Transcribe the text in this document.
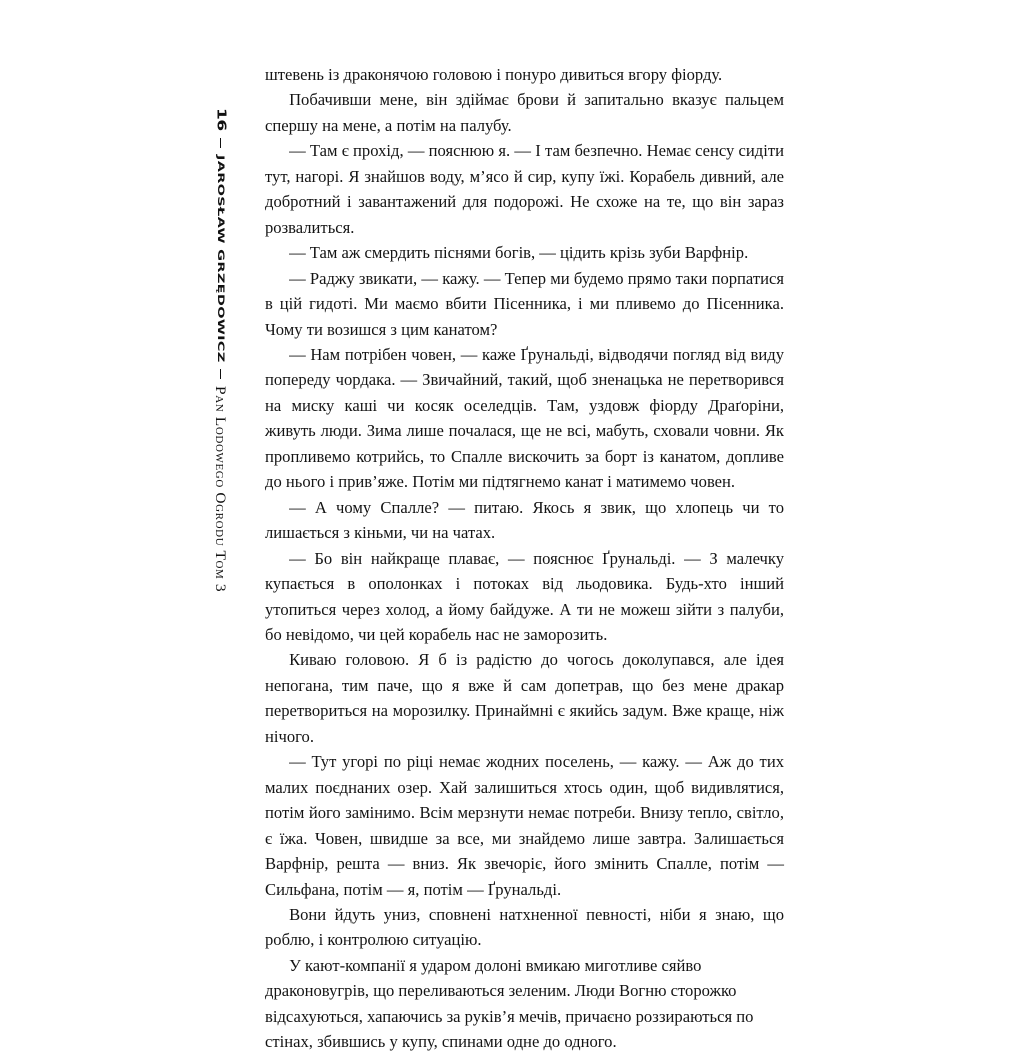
16
JAROSŁAW GRZĘDOWICZ
Pan Lodowego Ogrodu Tom 3

штевень із драконячою головою і понуро дивиться вгору фіорду.

Побачивши мене, він здіймає брови й запитально вказує пальцем спершу на мене, а потім на палубу.

— Там є прохід, — пояснюю я. — І там безпечно. Немає сенсу сидіти тут, нагорі. Я знайшов воду, м’ясо й сир, купу їжі. Корабель дивний, але добротний і завантажений для подорожі. Не схоже на те, що він зараз розвалиться.

— Там аж смердить піснями богів, — цідить крізь зуби Варфнір.

— Раджу звикати, — кажу. — Тепер ми будемо прямо таки порпатися в цій гидоті. Ми маємо вбити Пісенника, і ми пливемо до Пісенника. Чому ти возишся з цим канатом?

— Нам потрібен човен, — каже Ґрунальді, відводячи погляд від виду попереду чордака. — Звичайний, такий, щоб зненацька не перетворився на миску каші чи косяк оселедців. Там, уздовж фіорду Драґоріни, живуть люди. Зима лише почалася, ще не всі, мабуть, сховали човни. Як пропливемо котрийсь, то Спалле вискочить за борт із канатом, допливе до нього і прив’яже. Потім ми підтягнемо канат і матимемо човен.

— А чому Спалле? — питаю. Якось я звик, що хлопець чи то лишається з кіньми, чи на чатах.

— Бо він найкраще плаває, — пояснює Ґрунальді. — З малечку купається в ополонках і потоках від льодовика. Будь-хто інший утопиться через холод, а йому байдуже. А ти не можеш зійти з палуби, бо невідомо, чи цей корабель нас не заморозить.

Киваю головою. Я б із радістю до чогось доколупався, але ідея непогана, тим паче, що я вже й сам допетрав, що без мене дракар перетвориться на морозилку. Принаймні є якийсь задум. Вже краще, ніж нічого.

— Тут угорі по ріці немає жодних поселень, — кажу. — Аж до тих малих поєднаних озер. Хай залишиться хтось один, щоб видивлятися, потім його замінимо. Всім мерзнути немає потреби. Внизу тепло, світло, є їжа. Човен, швидше за все, ми знайдемо лише завтра. Залишається Варфнір, решта — вниз. Як звечоріє, його змінить Спалле, потім — Сильфана, потім — я, потім — Ґрунальді.

Вони йдуть униз, сповнені натхненної певності, ніби я знаю, що роблю, і контролюю ситуацію.

У кают-компанії я ударом долоні вмикаю миготливе сяйво драконовугрів, що переливаються зеленим. Люди Вогню сторожко відсахуються, хапаючись за руків’я мечів, причаєно роззираються по стінах, збившись у купу, спинами одне до одного.
